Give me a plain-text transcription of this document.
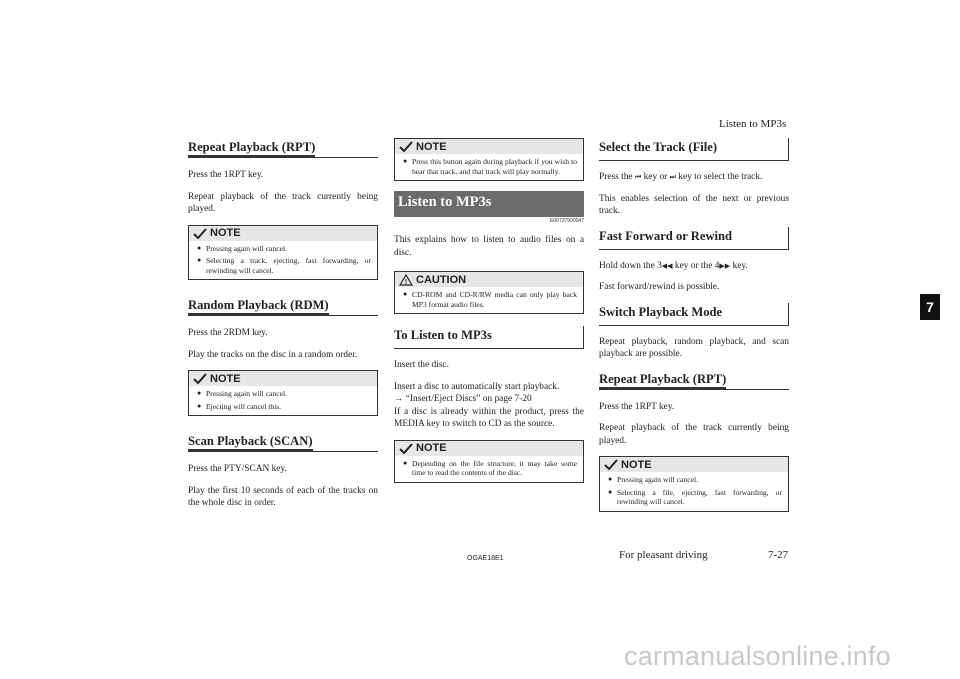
Listen to MP3s
7
Repeat Playback (RPT)

Press the 1RPT key.

Repeat playback of the track currently being played.

NOTE
● Pressing again will cancel.
● Selecting a track, ejecting, fast forwarding, or rewinding will cancel.
Random Playback (RDM)

Press the 2RDM key.

Play the tracks on the disc in a random order.

NOTE
● Pressing again will cancel.
● Ejecting will cancel this.
Scan Playback (SCAN)

Press the PTY/SCAN key.

Play the first 10 seconds of each of the tracks on the whole disc in order.

NOTE
● Press this button again during playback if you wish to hear that track, and that track will play normally.
Listen to MP3s
E00737900047

This explains how to listen to audio files on a disc.

! CAUTION
● CD-ROM and CD-R/RW media can only play back MP3 format audio files.
To Listen to MP3s

Insert the disc.

Insert a disc to automatically start playback.

→ “Insert/Eject Discs” on page 7-20

If a disc is already within the product, press the MEDIA key to switch to CD as the source.

NOTE
● Depending on the file structure, it may take some time to read the contents of the disc.
Select the Track (File)

Press the ⏮ key or ⏭ key to select the track.

This enables selection of the next or previous track.

Fast Forward or Rewind

Hold down the 3◀◀ key or the 4▶▶ key.

Fast forward/rewind is possible.

Switch Playback Mode

Repeat playback, random playback, and scan playback are possible.

Repeat Playback (RPT)

Press the 1RPT key.

Repeat playback of the track currently being played.

NOTE
● Pressing again will cancel.
● Selecting a file, ejecting, fast forwarding, or rewinding will cancel.
OGAE18E1	For pleasant driving	7-27
carmanualsonline.info
